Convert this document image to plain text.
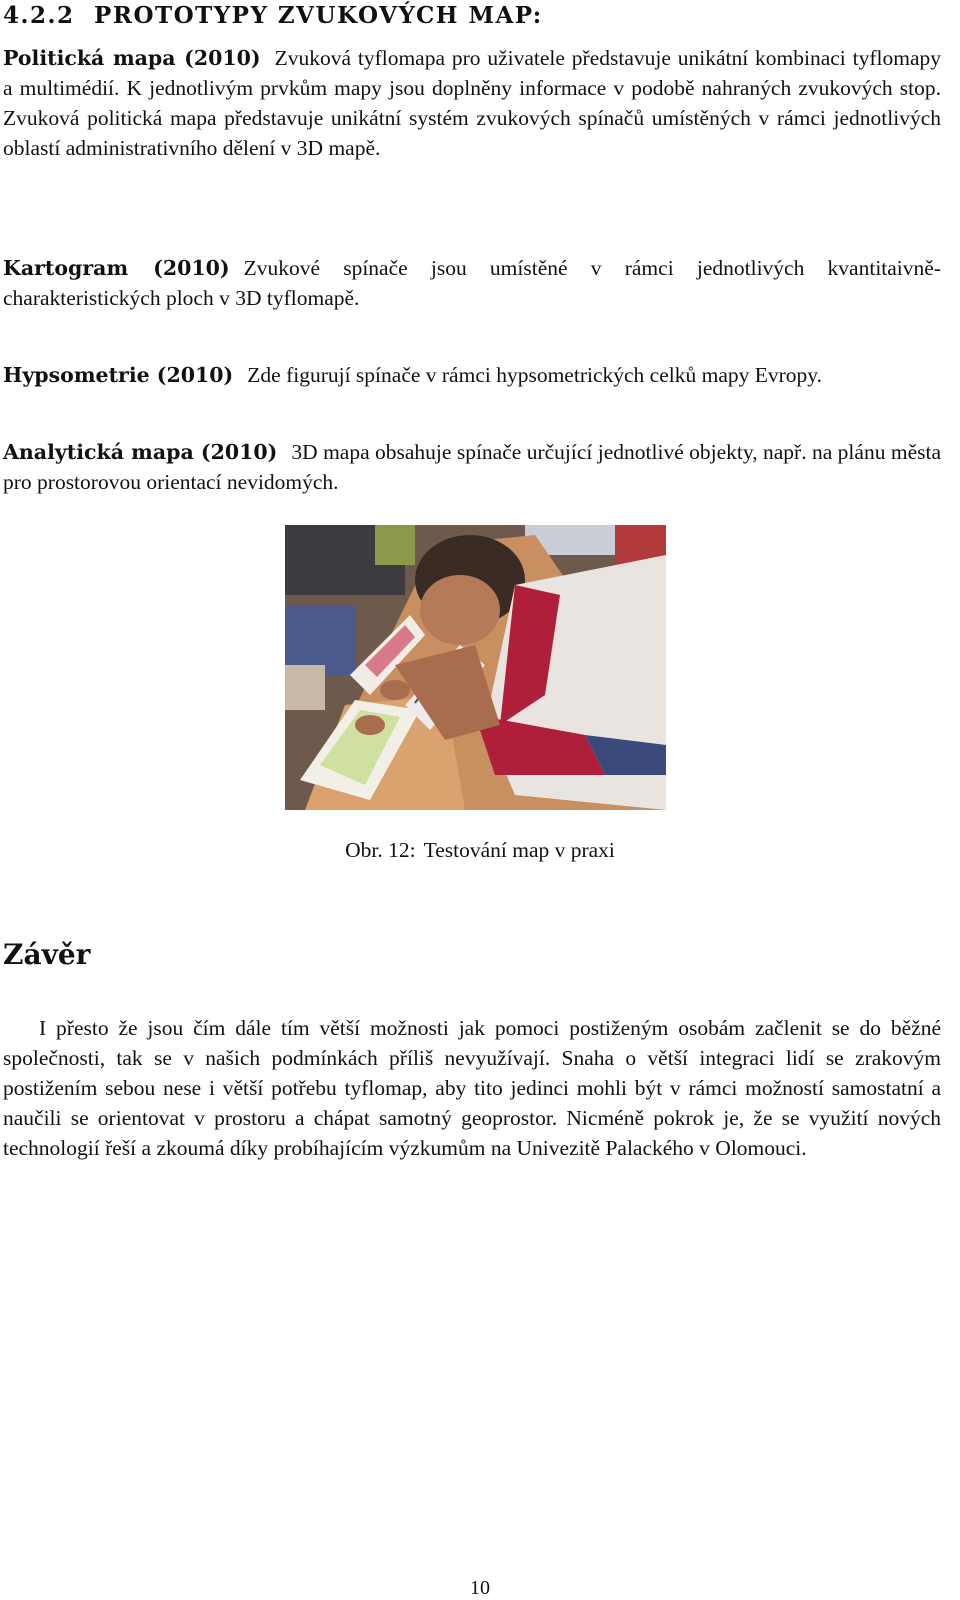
4.2.2 PROTOTYPY ZVUKOVÝCH MAP:

Politická mapa (2010) Zvuková tyflomapa pro uživatele představuje unikátní kombinaci tyflomapy a multimédií. K jednotlivým prvkům mapy jsou doplněny informace v podobě nahraných zvukových stop. Zvuková politická mapa představuje unikátní systém zvukových spínačů umístěných v rámci jednotlivých oblastí administrativního dělení v 3D mapě.

Kartogram (2010) Zvukové spínače jsou umístěné v rámci jednotlivých kvantitaivně-charakteristických ploch v 3D tyflomapě.

Hypsometrie (2010) Zde figurují spínače v rámci hypsometrických celků mapy Evropy.

Analytická mapa (2010) 3D mapa obsahuje spínače určující jednotlivé objekty, např. na plánu města pro prostorovou orientací nevidomých.

Obr. 12: Testování map v praxi
Závěr

I přesto že jsou čím dále tím větší možnosti jak pomoci postiženým osobám začlenit se do běžné společnosti, tak se v našich podmínkách příliš nevyužívají. Snaha o větší integraci lidí se zrakovým postižením sebou nese i větší potřebu tyflomap, aby tito jedinci mohli být v rámci možností samostatní a naučili se orientovat v prostoru a chápat samotný geoprostor. Nicméně pokrok je, že se využití nových technologií řeší a zkoumá díky probíhajícím výzkumům na Univezitě Palackého v Olomouci.

10
